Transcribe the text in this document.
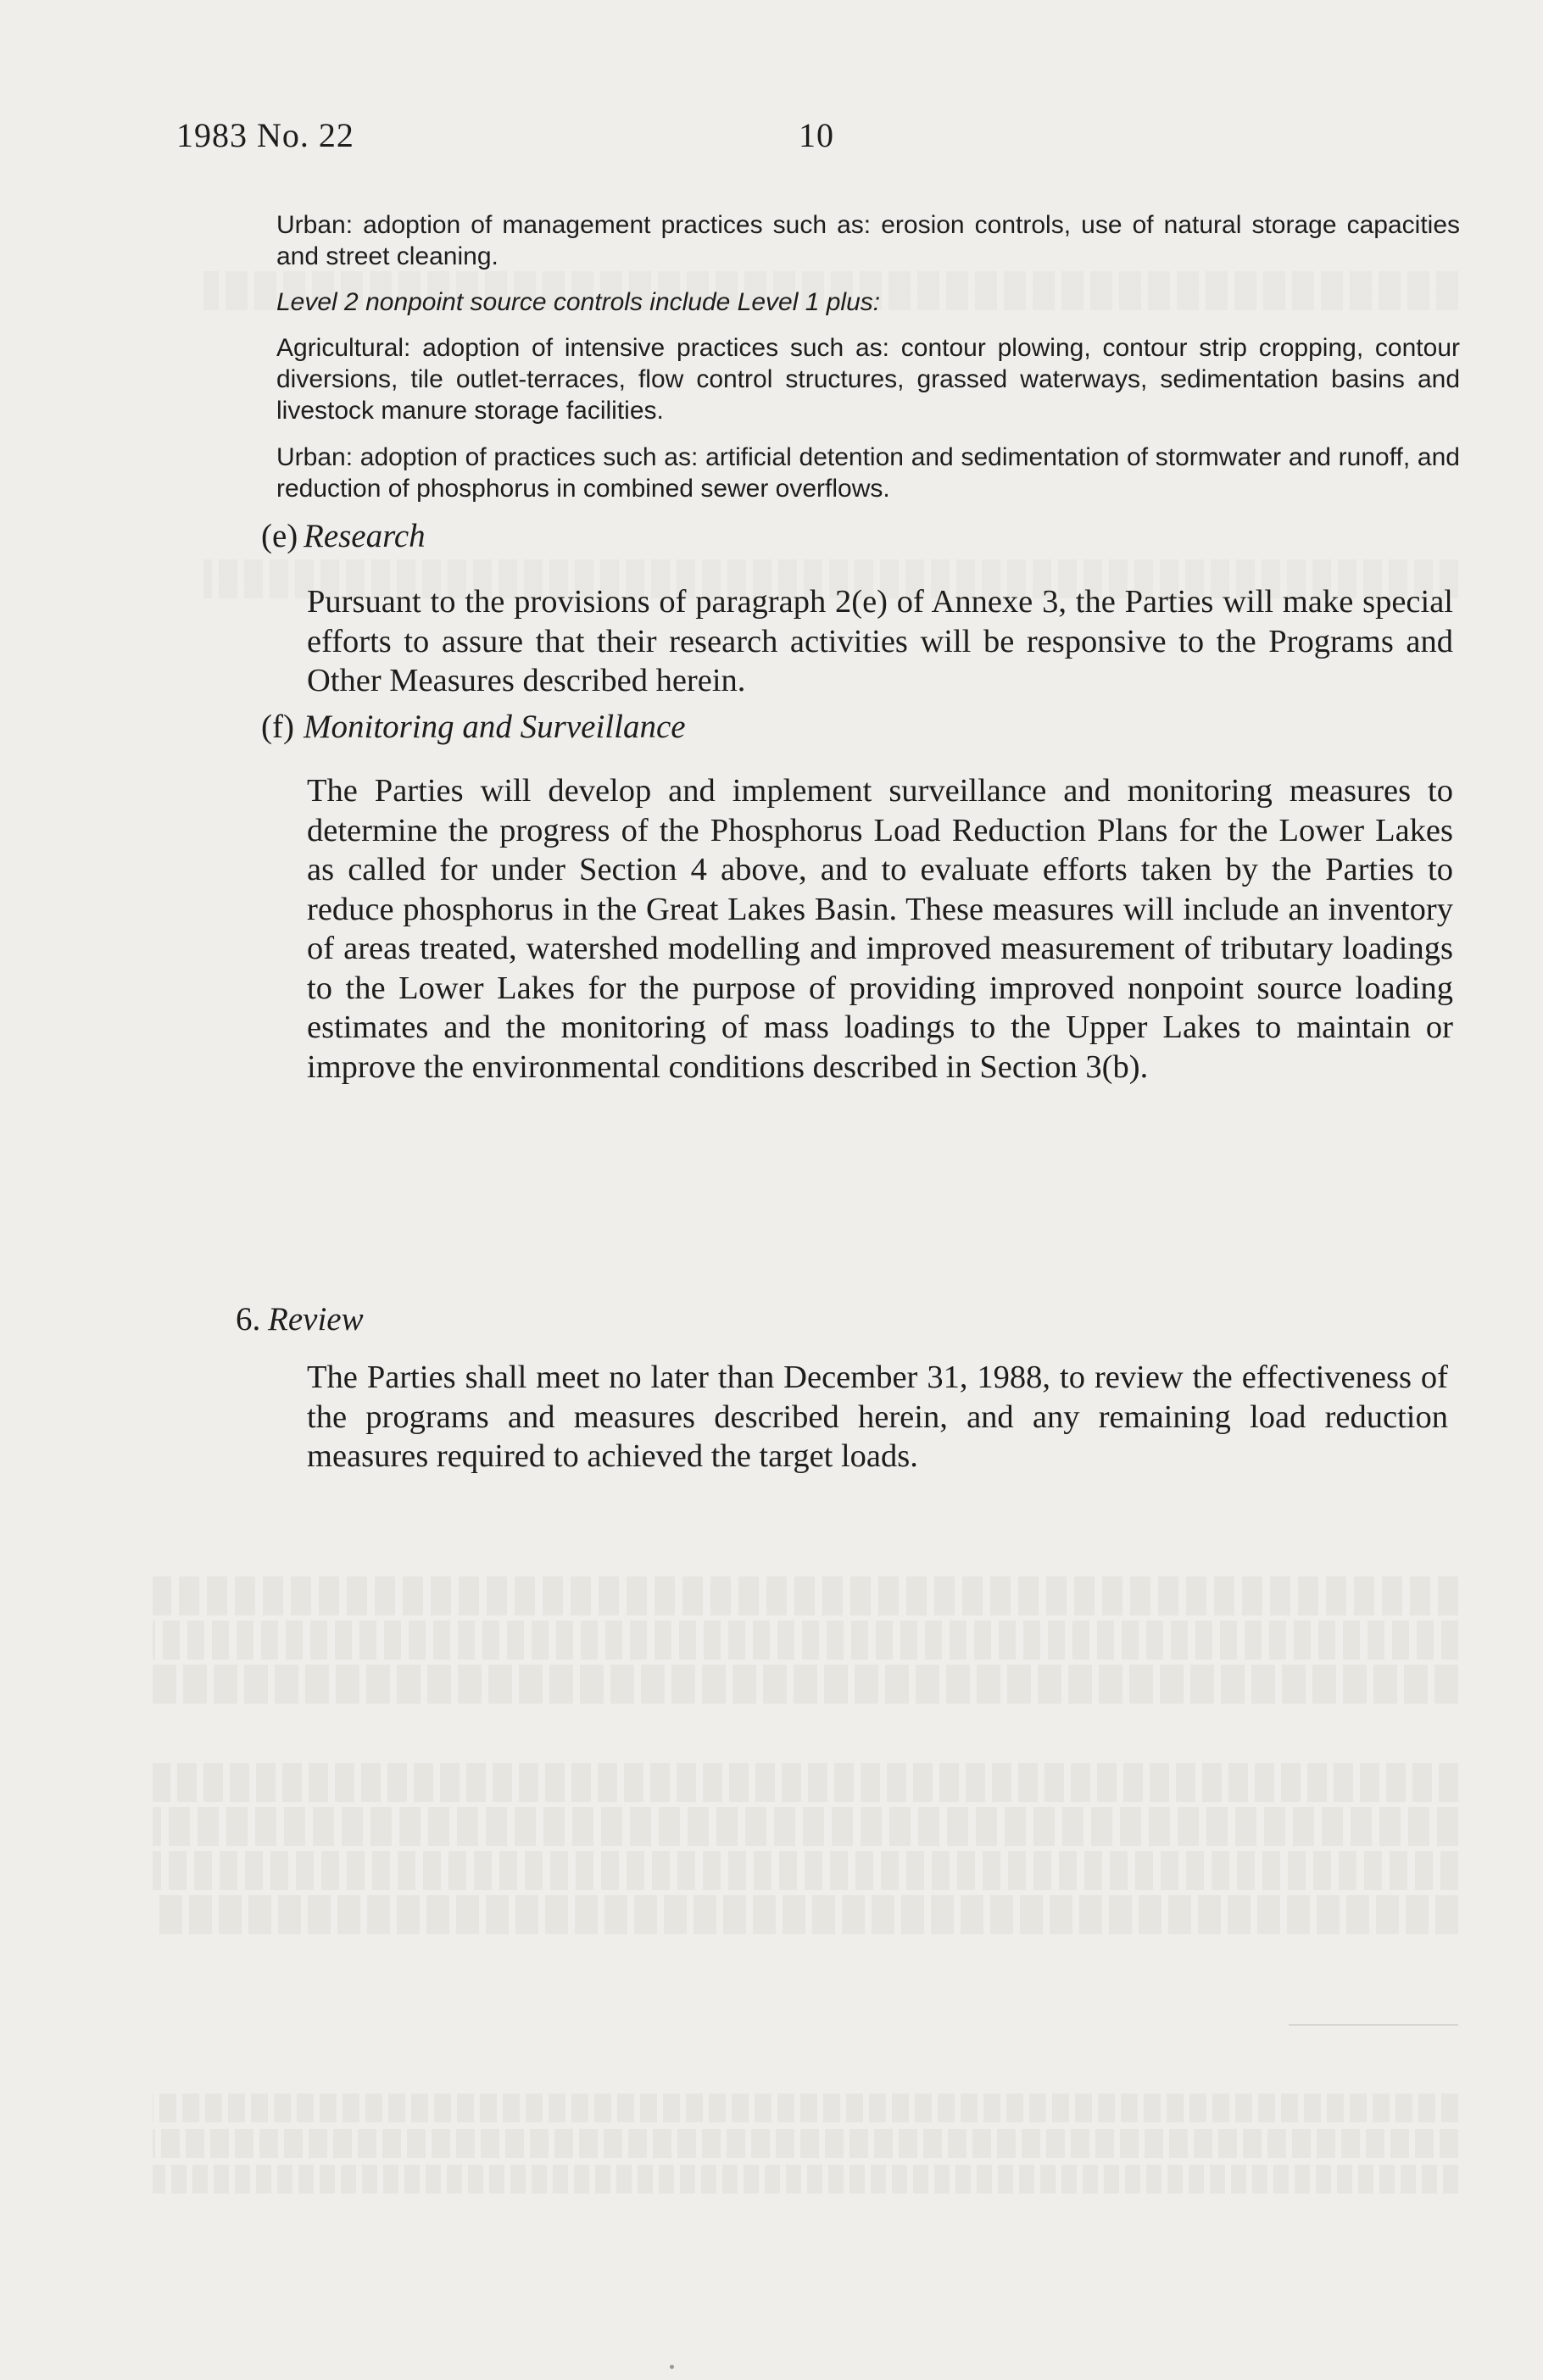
1983 No. 22	10

Urban: adoption of management practices such as: erosion controls, use of natural storage capacities and street cleaning.

Level 2 nonpoint source controls include Level 1 plus:

Agricultural: adoption of intensive practices such as: contour plowing, contour strip cropping, contour diversions, tile outlet-terraces, flow control structures, grassed waterways, sedimentation basins and livestock manure storage facilities.

Urban: adoption of practices such as: artificial detention and sedimentation of stormwater and runoff, and reduction of phosphorus in combined sewer overflows.

(e) Research

Pursuant to the provisions of paragraph 2(e) of Annexe 3, the Parties will make special efforts to assure that their research activities will be responsive to the Programs and Other Measures described herein.

(f) Monitoring and Surveillance

The Parties will develop and implement surveillance and monitoring measures to determine the progress of the Phosphorus Load Reduction Plans for the Lower Lakes as called for under Section 4 above, and to evaluate efforts taken by the Parties to reduce phosphorus in the Great Lakes Basin. These measures will include an inventory of areas treated, watershed modelling and improved measurement of tributary loadings to the Lower Lakes for the purpose of providing improved nonpoint source loading estimates and the monitoring of mass loadings to the Upper Lakes to maintain or improve the environmental conditions described in Section 3(b).

6. Review

The Parties shall meet no later than December 31, 1988, to review the effectiveness of the programs and measures described herein, and any remaining load reduction measures required to achieved the target loads.
